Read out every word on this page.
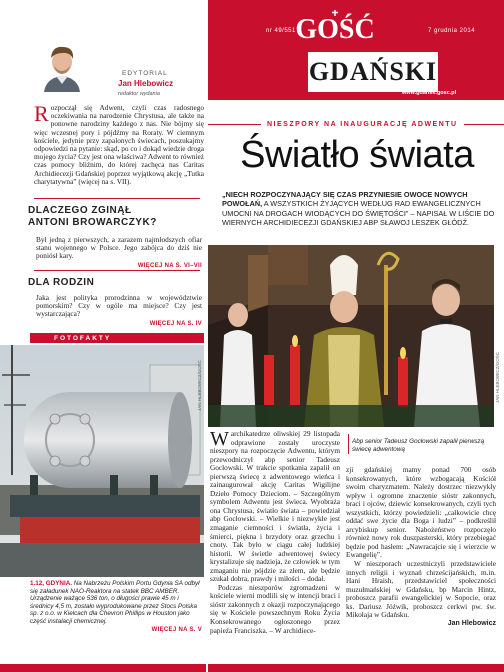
EDYTORIAL
Jan Hlebowicz
redaktor wydania
Rozpoczął się Adwent, czyli czas radosnego oczekiwania na narodzenie Chrystusa, ale także na ponowne narodziny każdego z nas. Nie bójmy się więc wczesnej pory i pójdźmy na Roraty. W ciemnym kościele, jedynie przy zapalonych świecach, poszukajmy odpowiedzi na pytanie: skąd, po co i dokąd wiedzie droga mojego życia? Czy jest ona właściwa? Adwent to również czas pomocy bliźnim, do której zachęca nas Caritas Archidiecezji Gdańskiej poprzez wyjątkową akcję „Tutka charytatywna” (więcej na s. VII).
DLACZEGO ZGINĄŁ
ANTONI BROWARCZYK?
Był jedną z pierwszych, a zarazem najmłodszych ofiar stanu wojennego w Polsce. Jego zabójca do dziś nie poniósł kary.
WIĘCEJ NA S. VI–VII
DLA RODZIN
Jaka jest polityka prorodzinna w województwie pomorskim? Czy w ogóle ma miejsce? Czy jest wystarczająca?
WIĘCEJ NA S. IV
FOTOFAKTY
JAN HLEBOWICZ/GOŚĆ
1.12, GDYNIA. Na Nabrzeżu Polskim Portu Gdynia SA odbył się załadunek NAO-Reaktora na statek BBC AMBER. Urządzenie ważące 536 ton, o długości prawie 45 m i średnicy 4,5 m, zostało wyprodukowane przez Stocs Polska sp. z o.o. w Kielcach dla Chevron Phillips w Houston jako część instalacji chemicznej.
WIĘCEJ NA S. V
nr 49/551	7 grudnia 2014
GOŚĆ
GDAŃSKI
www.gdansk.gosc.pl
NIESZPORY NA INAUGURACJĘ ADWENTU
Światło świata
„NIECH ROZPOCZYNAJĄCY SIĘ CZAS PRZYNIESIE OWOCE NOWYCH POWOŁAŃ, A WSZYSTKICH ŻYJĄCYCH WEDŁUG RAD EWANGELICZNYCH UMOCNI NA DROGACH WIODĄCYCH DO ŚWIĘTOŚCI” – NAPISAŁ W LIŚCIE DO WIERNYCH ARCHIDIECEZJI GDAŃSKIEJ ABP SŁAWOJ LESZEK GŁÓDŹ.
JAN HLEBOWICZ/GOŚĆ

Warchikatedrze oliwskiej 29 listopada odprawione zostały uroczyste nieszpory na rozpoczęcie Adwentu, którym przewodniczył abp senior Tadeusz Gocłowski. W trakcie spotkania zapalił on pierwszą świecę z adwentowego wieńca i zainaugurował akcję Caritas Wigilijne Dzieło Pomocy Dzieciom. – Szczególnym symbolem Adwentu jest świeca. Wyobraża ona Chrystusa, światło świata – powiedział abp Gocłowski. – Wielkie i niezwykłe jest zmaganie ciemności i światła, życia i śmierci, piękna i brzydoty oraz grzechu i cnoty. Tak było w ciągu całej ludzkiej historii. W świetle adwentowej świecy krystalizuje się nadzieja, że człowiek w tym zmaganiu nie pójdzie za złem, ale będzie szukał dobra, prawdy i miłości – dodał.

Podczas nieszporów zgromadzeni w kościele wierni modlili się w intencji braci i sióstr zakonnych z okazji rozpoczynającego się w Kościele powszechnym Roku Życia Konsekrowanego ogłoszonego przez papieża Franciszka. – W archidiece-

Abp senior Tadeusz Gocłowski zapalił pierwszą świecę adwentową

zji gdańskiej mamy ponad 700 osób konsekrowanych, które wzbogacają Kościół swoim charyzmatem. Należy dostrzec niezwykły wpływ i ogromne znaczenie sióstr zakonnych, braci i ojców, dziewic konsekrowanych, czyli tych wszystkich, którzy powiedzieli: „całkowicie chcę oddać swe życie dla Boga i ludzi” – podkreślił arcybiskup senior. Nabożeństwo rozpoczęło również nowy rok duszpasterski, który przebiegać będzie pod hasłem: „Nawracajcie się i wierzcie w Ewangelię”.

W nieszporach uczestniczyli przedstawiciele innych religii i wyznań chrześcijańskich, m.in. Hani Hraish, przedstawiciel społeczności muzułmańskiej w Gdańsku, bp Marcin Hintz, proboszcz parafii ewangelickiej w Sopocie, oraz ks. Dariusz Jóźwik, proboszcz cerkwi pw. św. Mikołaja w Gdańsku.

Jan Hlebowicz
